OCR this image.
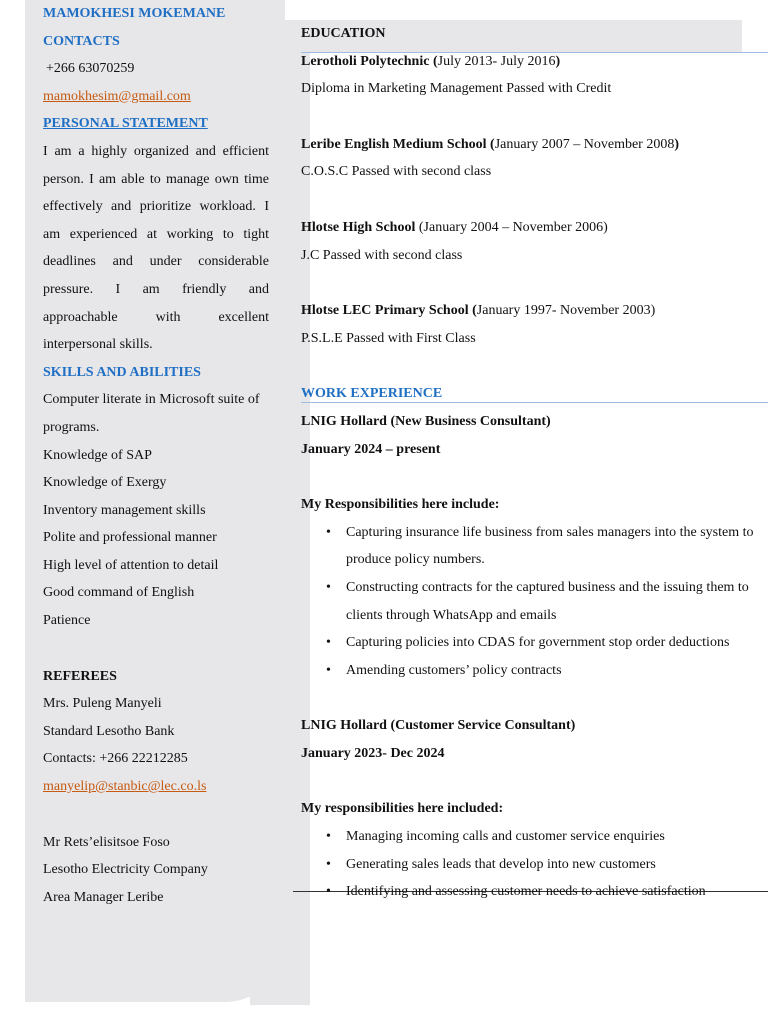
MAMOKHESI MOKEMANE
CONTACTS
+266 63070259
mamokhesim@gmail.com
PERSONAL STATEMENT
I am a highly organized and efficient person. I am able to manage own time effectively and prioritize workload. I am experienced at working to tight deadlines and under considerable pressure. I am friendly and approachable with excellent interpersonal skills.
SKILLS AND ABILITIES
Computer literate in Microsoft suite of programs.
Knowledge of SAP
Knowledge of Exergy
Inventory management skills
Polite and professional manner
High level of attention to detail
Good command of English
Patience
REFEREES
Mrs. Puleng Manyeli
Standard Lesotho Bank
Contacts: +266 22212285
manyelip@stanbic@lec.co.ls
Mr Rets’elisitsoe Foso
Lesotho Electricity Company
Area Manager Leribe
EDUCATION
Lerotholi Polytechnic (July 2013- July 2016)
Diploma in Marketing Management Passed with Credit
Leribe English Medium School (January 2007 – November 2008)
C.O.S.C Passed with second class
Hlotse High School (January 2004 – November 2006)
J.C Passed with second class
Hlotse LEC Primary School (January 1997- November 2003)
P.S.L.E Passed with First Class
WORK EXPERIENCE
LNIG Hollard (New Business Consultant)
January 2024 – present
My Responsibilities here include:
• Capturing insurance life business from sales managers into the system to produce policy numbers.
• Constructing contracts for the captured business and the issuing them to clients through WhatsApp and emails
• Capturing policies into CDAS for government stop order deductions
• Amending customers’ policy contracts
LNIG Hollard (Customer Service Consultant)
January 2023- Dec 2024
My responsibilities here included:
• Managing incoming calls and customer service enquiries
• Generating sales leads that develop into new customers
• Identifying and assessing customer needs to achieve satisfaction
